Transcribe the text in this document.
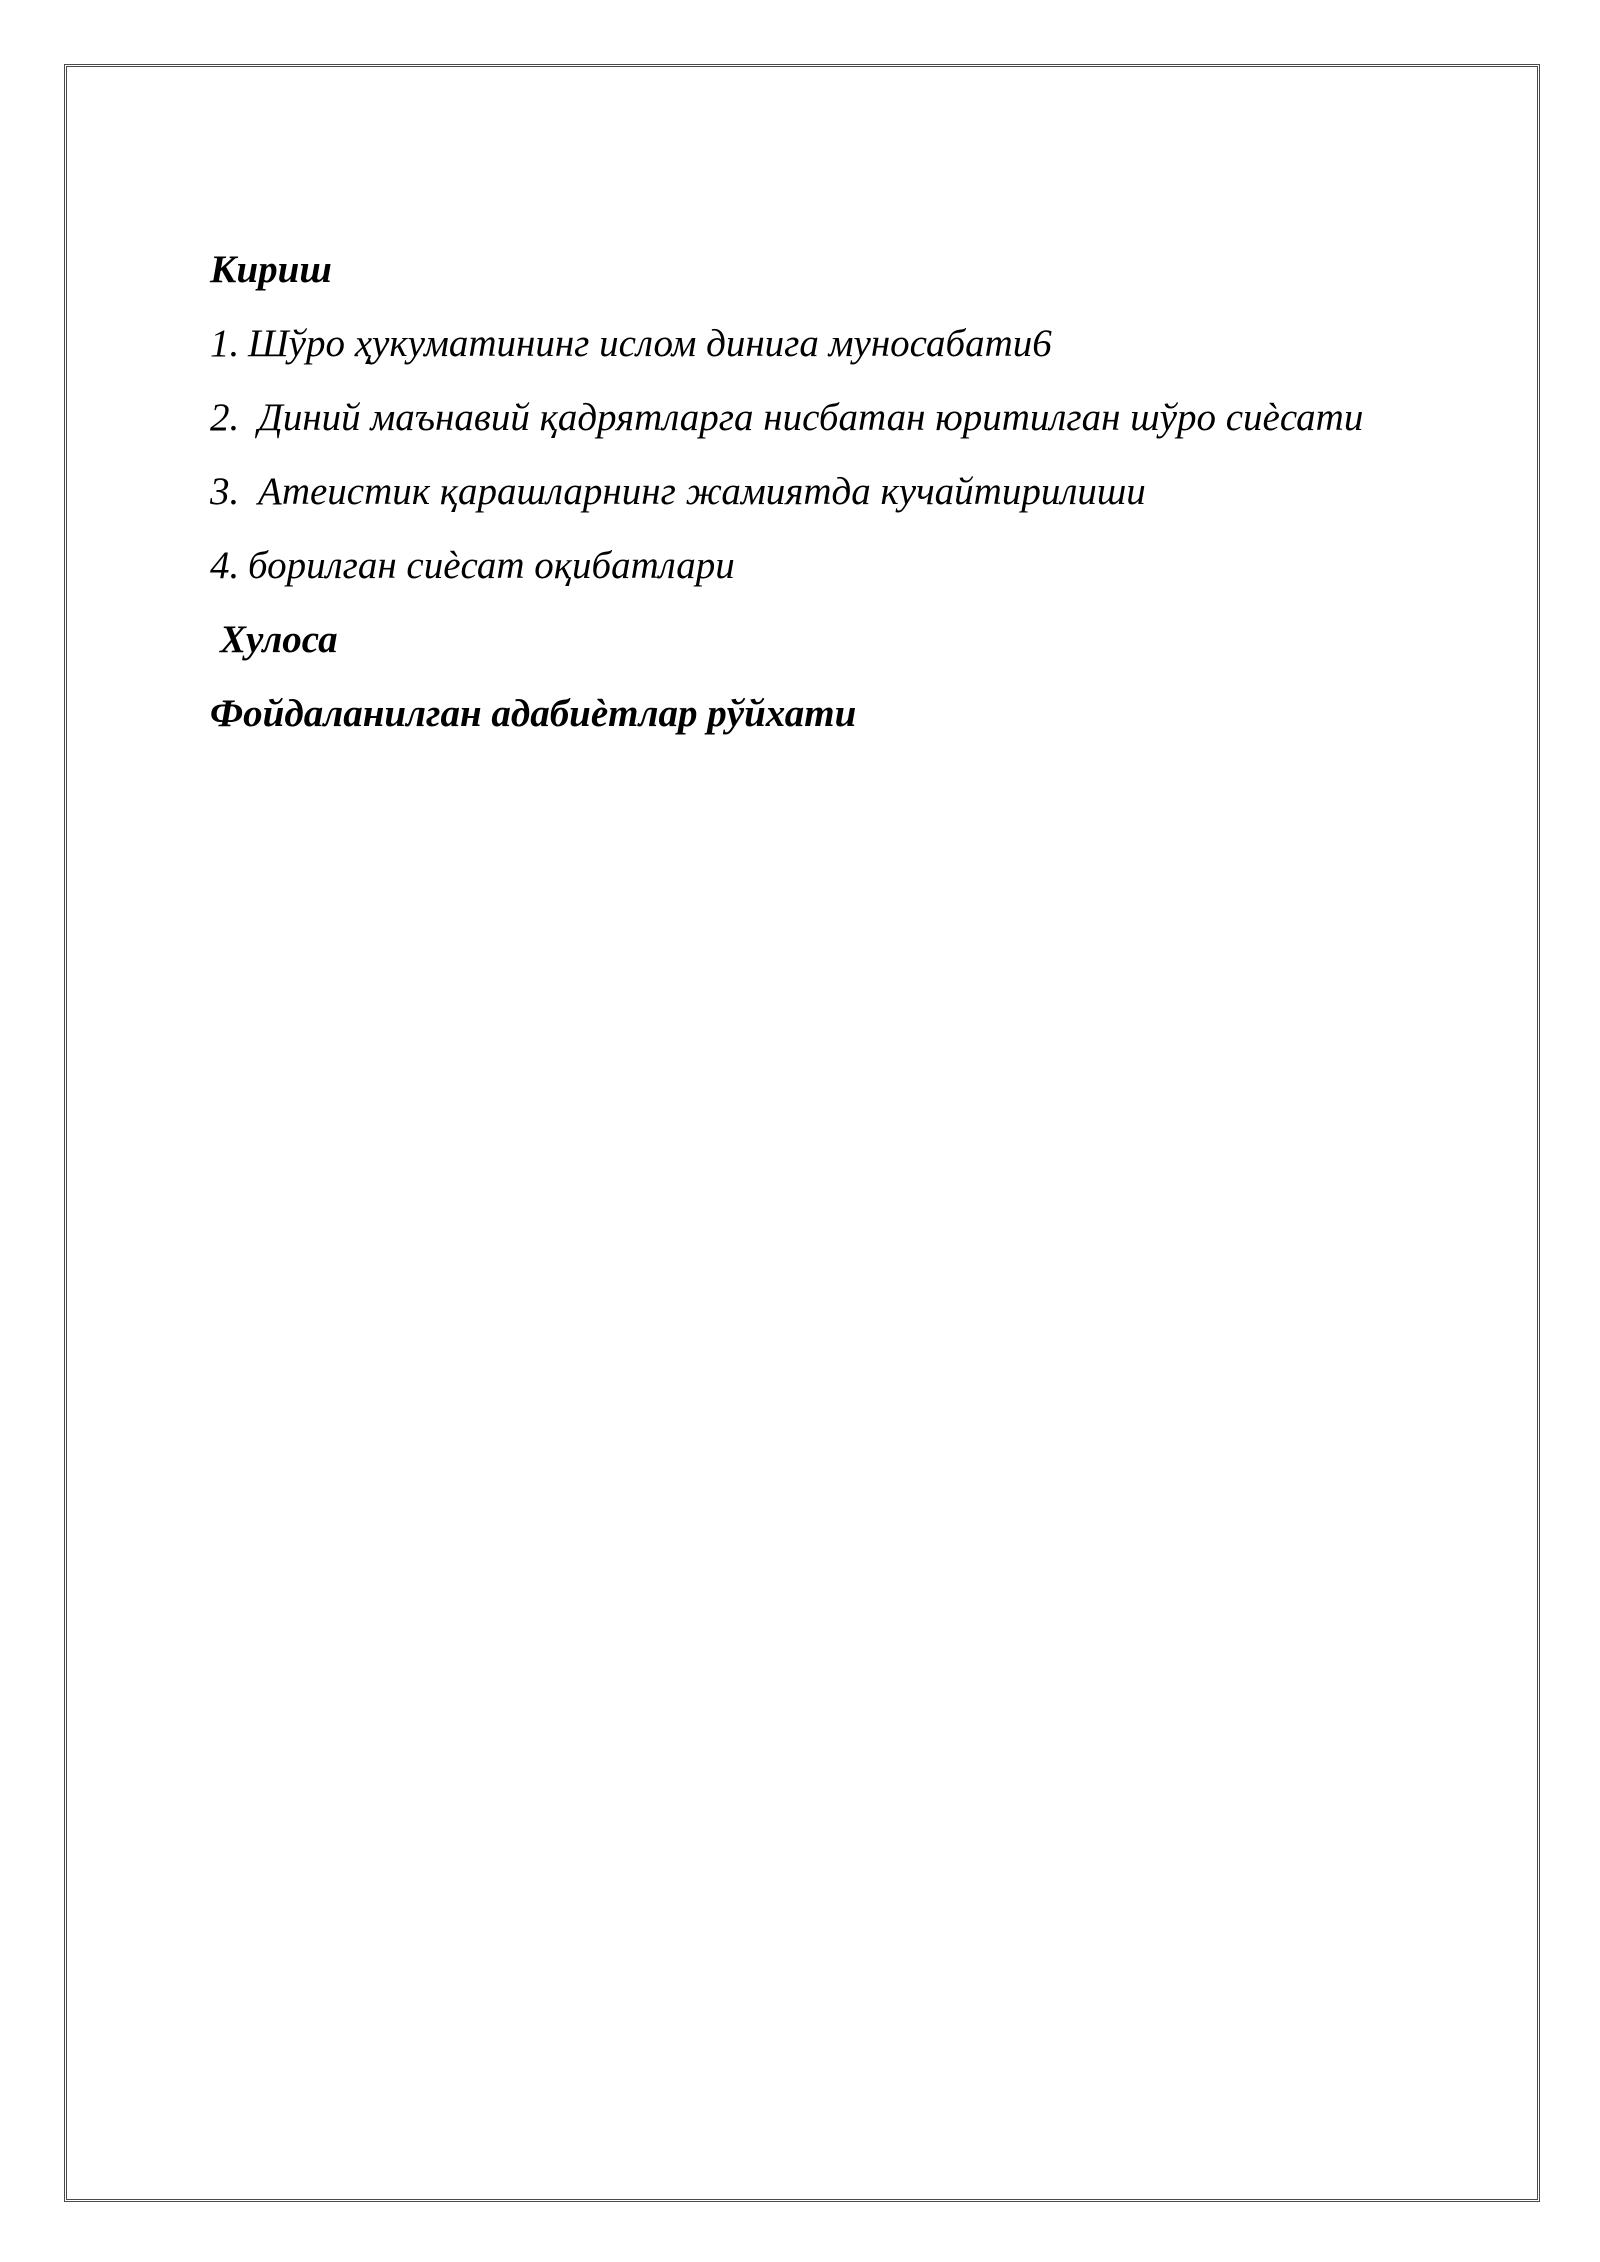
Кириш
1. Шўро ҳукуматининг ислом динига муносабати6
2. Диний маънавий қадрятларга нисбатан юритилган шўро сиѐсати
3. Атеистик қарашларнинг жамиятда кучайтирилиши
4. борилган сиѐсат оқибатлари
Хулоса
Фойдаланилган адабиѐтлар рўйхати
